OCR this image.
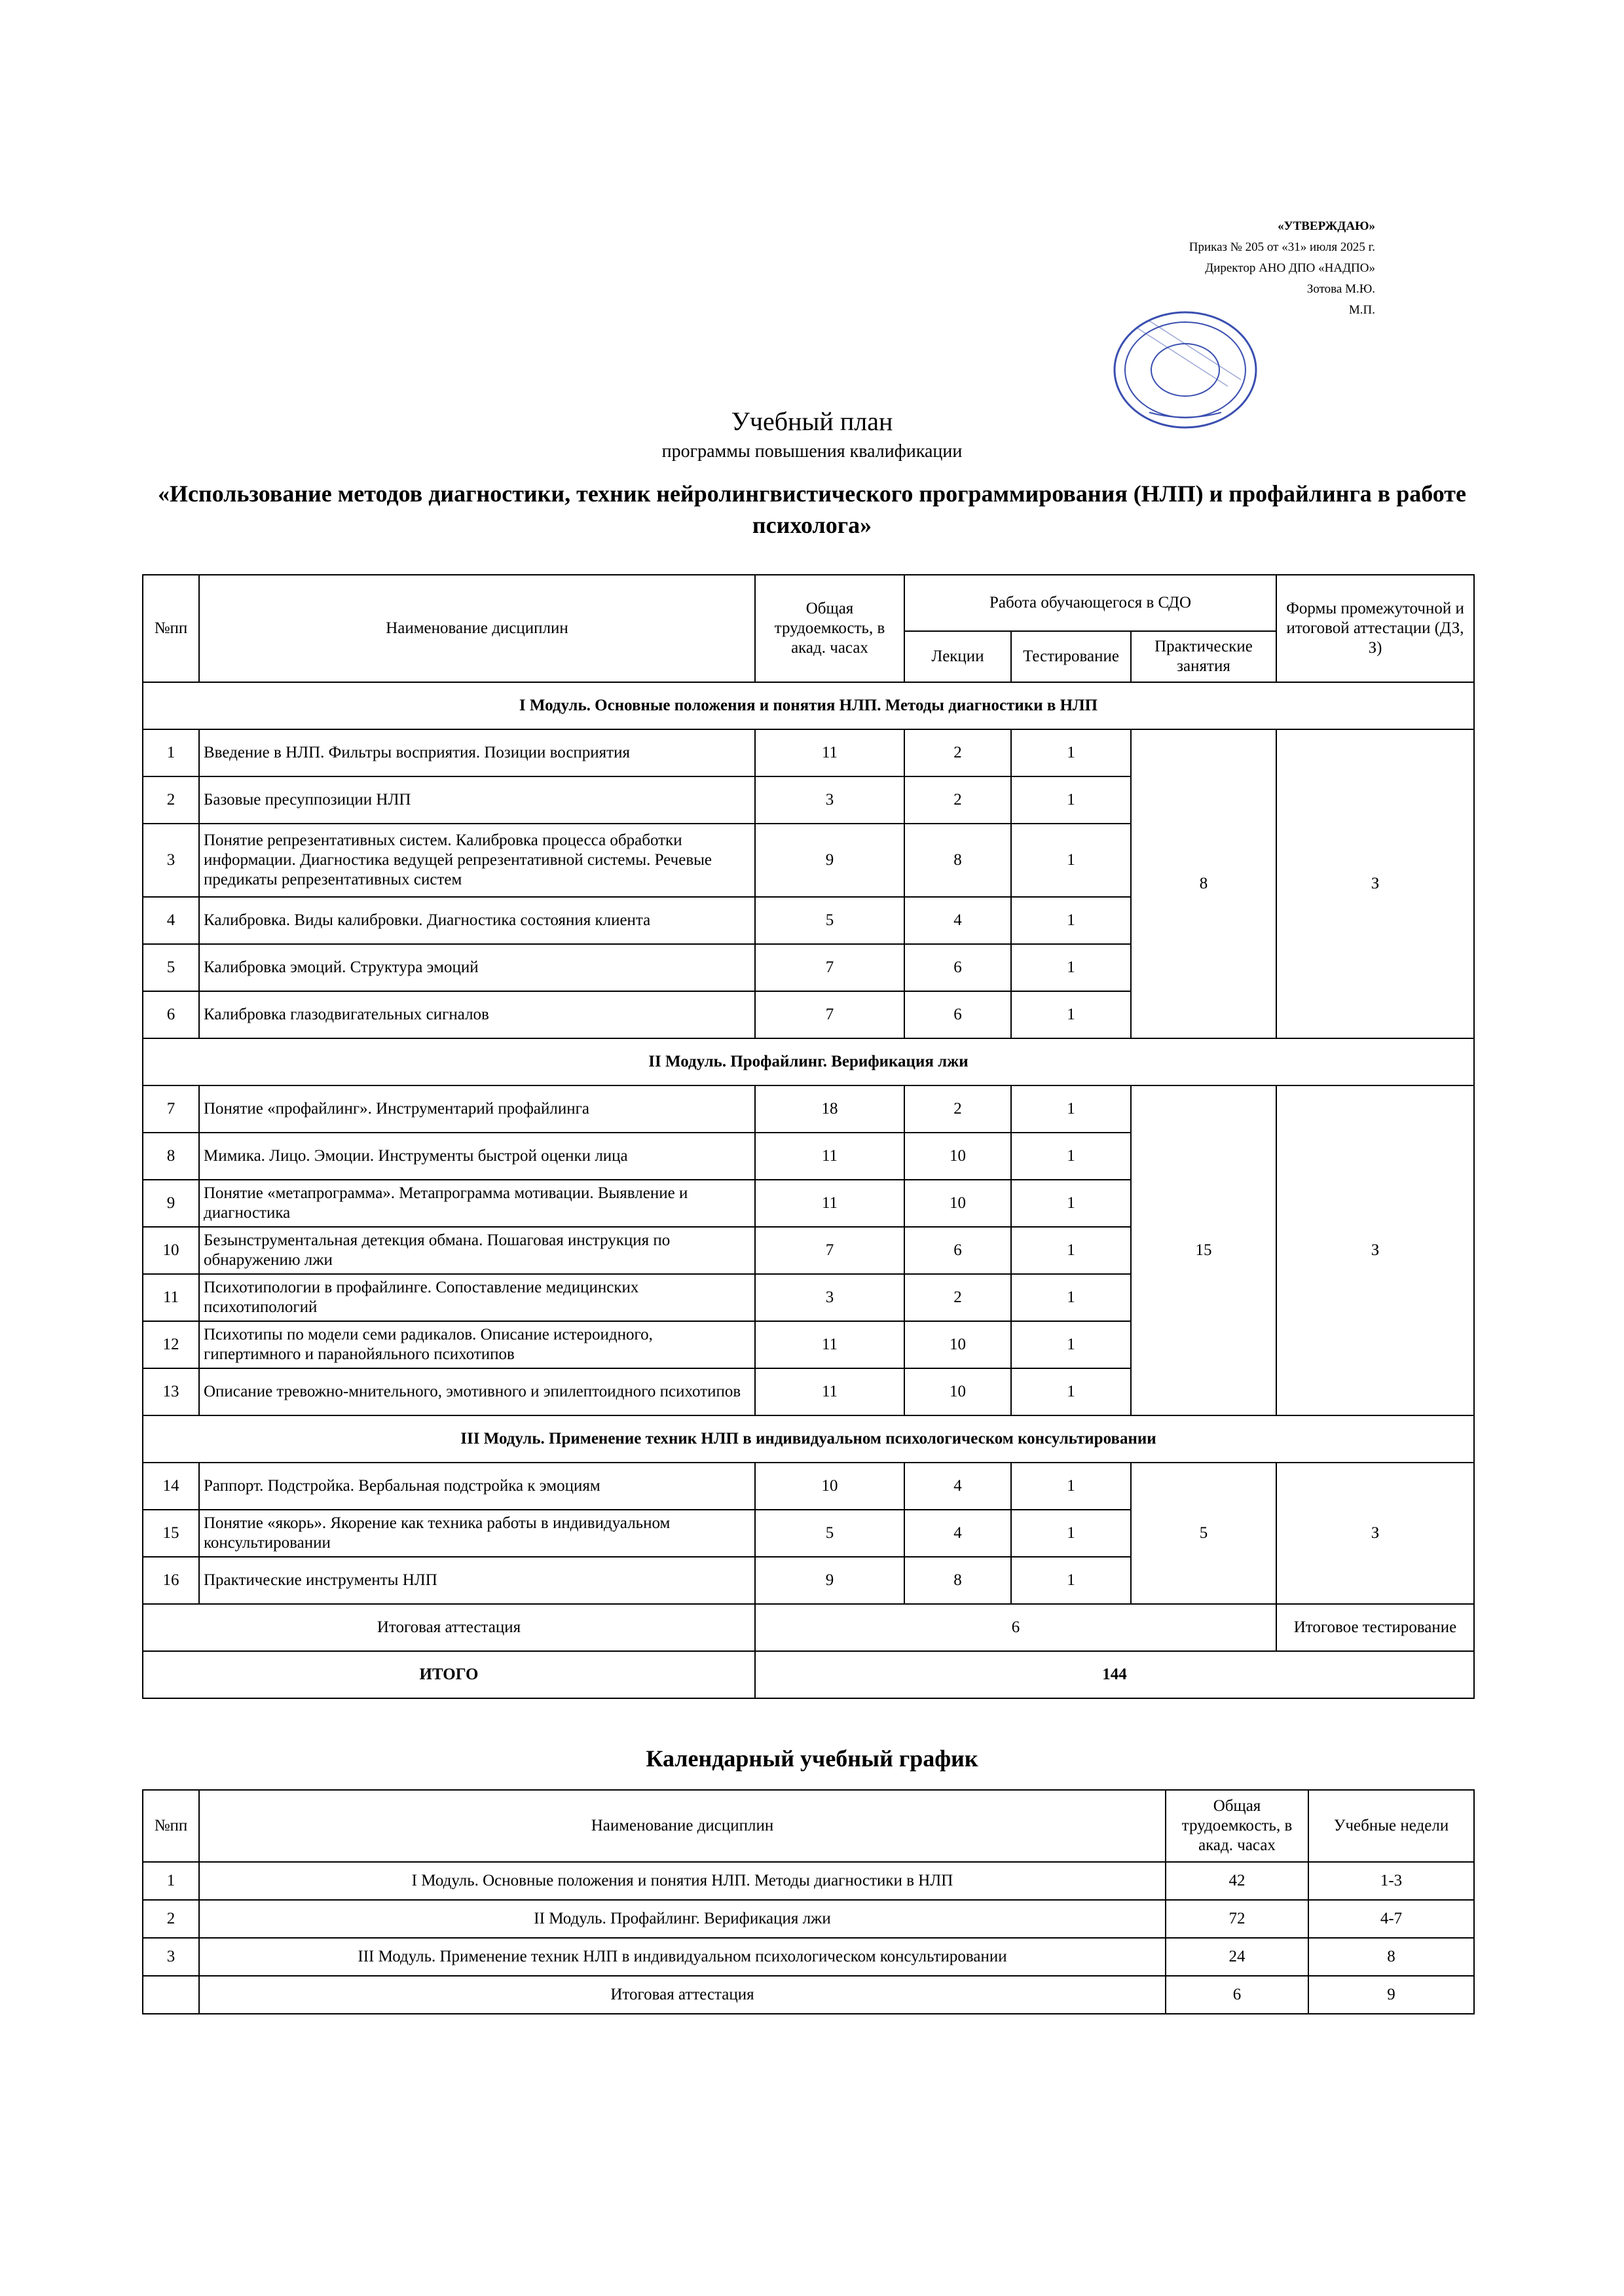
«УТВЕРЖДАЮ»
Приказ № 205 от «31» июля 2025 г.
Директор АНО ДПО «НАДПО»
Зотова М.Ю.
М.П.
Учебный план
программы повышения квалификации
«Использование методов диагностики, техник нейролингвистического программирования (НЛП) и профайлинга в работе психолога»
№пп	Наименование дисциплин	Общая трудоемкость, в акад. часах	Работа обучающегося в СДО			Формы промежуточной и итоговой аттестации (ДЗ, З)
			Лекции	Тестирование	Практические занятия	
I Модуль. Основные положения и понятия НЛП. Методы диагностики в НЛП						
1	Введение в НЛП. Фильтры восприятия. Позиции восприятия	11	2	1	8	З
2	Базовые пресуппозиции НЛП	3	2	1		
3	Понятие репрезентативных систем. Калибровка процесса обработки информации. Диагностика ведущей репрезентативной системы. Речевые предикаты репрезентативных систем	9	8	1		
4	Калибровка. Виды калибровки. Диагностика состояния клиента	5	4	1		
5	Калибровка эмоций. Структура эмоций	7	6	1		
6	Калибровка глазодвигательных сигналов	7	6	1		
II Модуль. Профайлинг. Верификация лжи						
7	Понятие «профайлинг». Инструментарий профайлинга	18	2	1	15	З
8	Мимика. Лицо. Эмоции. Инструменты быстрой оценки лица	11	10	1		
9	Понятие «метапрограмма». Метапрограмма мотивации. Выявление и диагностика	11	10	1		
10	Безынструментальная детекция обмана. Пошаговая инструкция по обнаружению лжи	7	6	1		
11	Психотипологии в профайлинге. Сопоставление медицинских психотипологий	3	2	1		
12	Психотипы по модели семи радикалов. Описание истероидного, гипертимного и паранойяльного психотипов	11	10	1		
13	Описание тревожно-мнительного, эмотивного и эпилептоидного психотипов	11	10	1		
III Модуль. Применение техник НЛП в индивидуальном психологическом консультировании						
14	Раппорт. Подстройка. Вербальная подстройка к эмоциям	10	4	1	5	З
15	Понятие «якорь». Якорение как техника работы в индивидуальном консультировании	5	4	1		
16	Практические инструменты НЛП	9	8	1		
Итоговая аттестация		6				Итоговое тестирование
ИТОГО		144				
Календарный учебный график
№пп	Наименование дисциплин	Общая трудоемкость, в акад. часах	Учебные недели
1	I Модуль. Основные положения и понятия НЛП. Методы диагностики в НЛП	42	1-3
2	II Модуль. Профайлинг. Верификация лжи	72	4-7
3	III Модуль. Применение техник НЛП в индивидуальном психологическом консультировании	24	8
	Итоговая аттестация	6	9
